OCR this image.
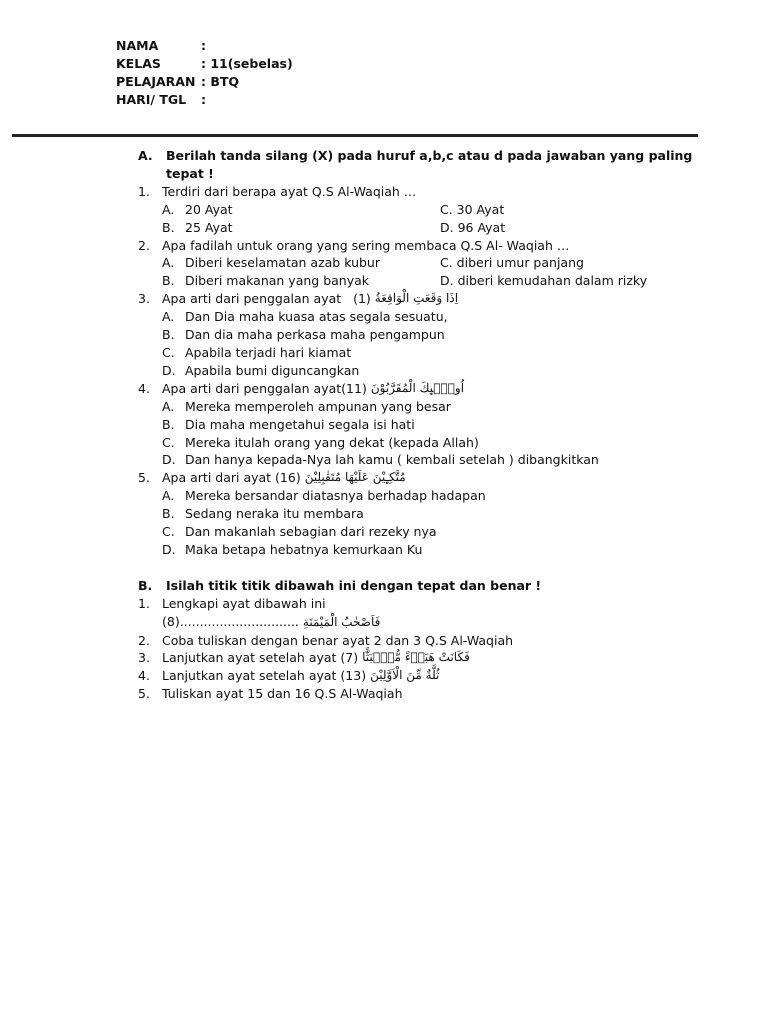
NAMA	:
KELAS	: 11(sebelas)
PELAJARAN : BTQ
HARI/ TGL	:
A.	Berilah tanda silang (X) pada huruf a,b,c atau d pada jawaban yang paling tepat !
1. Terdiri dari berapa ayat Q.S Al-Waqiah …
A. 20 Ayat	C. 30 Ayat
B. 25 Ayat	D. 96 Ayat
2. Apa fadilah untuk orang yang sering membaca Q.S Al- Waqiah …
A. Diberi keselamatan azab kubur	C. diberi umur panjang
B. Diberi makanan yang banyak	D. diberi kemudahan dalam rizky
3. Apa arti dari penggalan ayat
(1)
اِذَا وَقَعَتِ الْوَاقِعَةُ
A. Dan Dia maha kuasa atas segala sesuatu,
B. Dan dia maha perkasa maha pengampun
C. Apabila terjadi hari kiamat
D. Apabila bumi diguncangkan
4. Apa arti dari penggalan ayat(11)
اُولٰۤىِٕكَ الْمُقَرَّبُوْنَ
A. Mereka memperoleh ampunan yang besar
B. Dia maha mengetahui segala isi hati
C. Mereka itulah orang yang dekat (kepada Allah)
D. Dan hanya kepada-Nya lah kamu ( kembali setelah ) dibangkitkan
5. Apa arti dari ayat (16)
مُتَّكِـِٕيْنَ عَلَيْهَا مُتَقٰبِلِيْنَ
A. Mereka bersandar diatasnya berhadap hadapan
B. Sedang neraka itu membara
C. Dan makanlah sebagian dari rezeky nya
D. Maka betapa hebatnya kemurkaan Ku
B.	Isilah titik titik dibawah ini dengan tepat dan benar !
1. Lengkapi ayat dibawah ini
(8).............................. فَاَصْحٰبُ الْمَيْمَنَةِ
2. Coba tuliskan dengan benar ayat 2 dan 3 Q.S Al-Waqiah
3. Lanjutkan ayat setelah ayat (7)
فَكَانَتْ هَبَاۤءً مُّنْۢبَثًّا
4. Lanjutkan ayat setelah ayat (13)
ثُلَّةٌ مِّنَ الْاَوَّلِيْنَ
5. Tuliskan ayat 15 dan 16 Q.S Al-Waqiah
